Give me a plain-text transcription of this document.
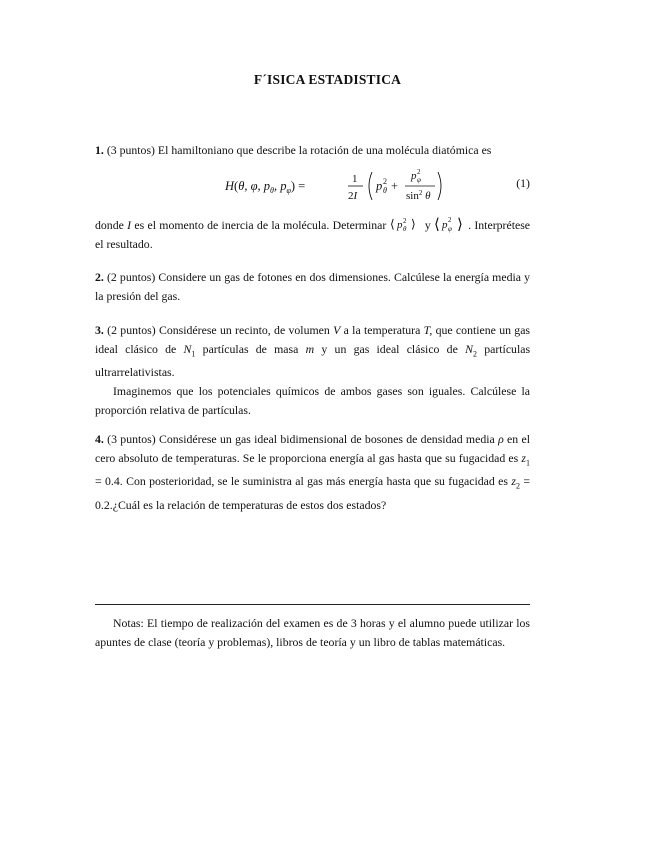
F´ISICA ESTADISTICA

1. (3 puntos) El hamiltoniano que describe la rotación de una molécula diatómica es

H(θ, φ, $p_\theta$, $p_\varphi$) =	1
2I
p θ
2 +
p 2
φ
$\sin^2 \theta$
(1)

donde I es el momento de inercia de la molécula. Determinar ⟨ p 2
θ ⟩ y ⟨ p 2
φ ⟩ . Interprétese el resultado.

2. (2 puntos) Considere un gas de fotones en dos dimensiones. Calcúlese la energía media y la presión del gas.

3. (2 puntos) Considérese un recinto, de volumen V a la temperatura T, que contiene un gas ideal clásico de $N_1$ partículas de masa m y un gas ideal clásico de $N_2$ partículas ultrarrelativistas.

Imaginemos que los potenciales químicos de ambos gases son iguales. Calcúlese la proporción relativa de partículas.

4. (3 puntos) Considérese un gas ideal bidimensional de bosones de densidad media ρ en el cero absoluto de temperaturas. Se le proporciona energía al gas hasta que su fugacidad es $z_1 = 0.4$. Con posterioridad, se le suministra al gas más energía hasta que su fugacidad es $z_2$ = 0.2.¿Cuál es la relación de temperaturas de estos dos estados?

Notas: El tiempo de realización del examen es de 3 horas y el alumno puede utilizar los apuntes de clase (teoría y problemas), libros de teoría y un libro de tablas matemáticas.
